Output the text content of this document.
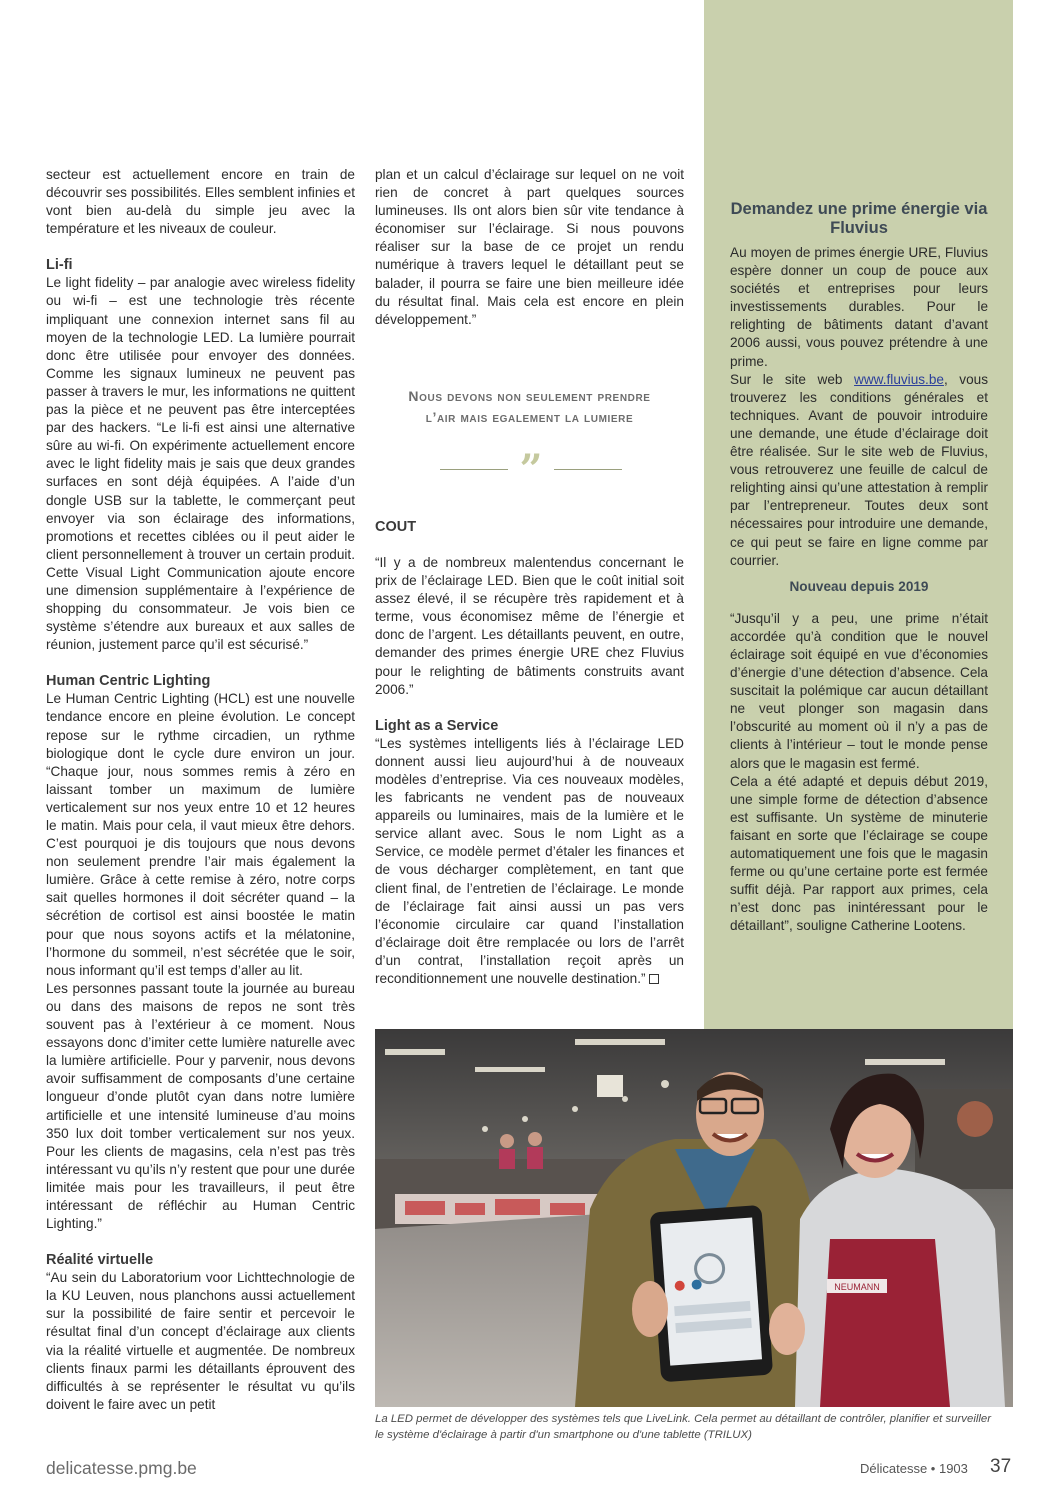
secteur est actuellement encore en train de découvrir ses possibilités. Elles semblent infinies et vont bien au-delà du simple jeu avec la température et les niveaux de couleur.

Li-fi

Le light fidelity – par analogie avec wireless fidelity ou wi-fi – est une technologie très récente impliquant une connexion internet sans fil au moyen de la technologie LED. La lumière pourrait donc être utilisée pour envoyer des données. Comme les signaux lumineux ne peuvent pas passer à travers le mur, les informations ne quittent pas la pièce et ne peuvent pas être interceptées par des hackers. “Le li-fi est ainsi une alternative sûre au wi-fi. On expérimente actuellement encore avec le light fidelity mais je sais que deux grandes surfaces en sont déjà équipées. A l’aide d’un dongle USB sur la tablette, le commerçant peut envoyer via son éclairage des informations, promotions et recettes ciblées ou il peut aider le client personnellement à trouver un certain produit. Cette Visual Light Communication ajoute encore une dimension supplémentaire à l’expérience de shopping du consommateur. Je vois bien ce système s’étendre aux bureaux et aux salles de réunion, justement parce qu’il est sécurisé.”

Human Centric Lighting

Le Human Centric Lighting (HCL) est une nouvelle tendance encore en pleine évolution. Le concept repose sur le rythme circadien, un rythme biologique dont le cycle dure environ un jour. “Chaque jour, nous sommes remis à zéro en laissant tomber un maximum de lumière verticalement sur nos yeux entre 10 et 12 heures le matin. Mais pour cela, il vaut mieux être dehors. C’est pourquoi je dis toujours que nous devons non seulement prendre l’air mais également la lumière. Grâce à cette remise à zéro, notre corps sait quelles hormones il doit sécréter quand – la sécrétion de cortisol est ainsi boostée le matin pour que nous soyons actifs et la mélatonine, l’hormone du sommeil, n’est sécrétée que le soir, nous informant qu’il est temps d’aller au lit.

Les personnes passant toute la journée au bureau ou dans des maisons de repos ne sont très souvent pas à l’extérieur à ce moment. Nous essayons donc d’imiter cette lumière naturelle avec la lumière artificielle. Pour y parvenir, nous devons avoir suffisamment de composants d’une certaine longueur d’onde plutôt cyan dans notre lumière artificielle et une intensité lumineuse d’au moins 350 lux doit tomber verticalement sur nos yeux. Pour les clients de magasins, cela n’est pas très intéressant vu qu’ils n’y restent que pour une durée limitée mais pour les travailleurs, il peut être intéressant de réfléchir au Human Centric Lighting.”

Réalité virtuelle

“Au sein du Laboratorium voor Lichttechnologie de la KU Leuven, nous planchons aussi actuellement sur la possibilité de faire sentir et percevoir le résultat final d’un concept d’éclairage aux clients via la réalité virtuelle et augmentée. De nombreux clients finaux parmi les détaillants éprouvent des difficultés à se représenter le résultat vu qu’ils doivent le faire avec un petit

plan et un calcul d’éclairage sur lequel on ne voit rien de concret à part quelques sources lumineuses. Ils ont alors bien sûr vite tendance à économiser sur l’éclairage. Si nous pouvons réaliser sur la base de ce projet un rendu numérique à travers lequel le détaillant peut se balader, il pourra se faire une bien meilleure idée du résultat final. Mais cela est encore en plein développement.”

Nous devons non seulement prendre
l’air mais egalement la lumiere
”
COUT

“Il y a de nombreux malentendus concernant le prix de l’éclairage LED. Bien que le coût initial soit assez élevé, il se récupère très rapidement et à terme, vous économisez même de l’énergie et donc de l’argent. Les détaillants peuvent, en outre, demander des primes énergie URE chez Fluvius pour le relighting de bâtiments construits avant 2006.”

Light as a Service

“Les systèmes intelligents liés à l’éclairage LED donnent aussi lieu aujourd’hui à de nouveaux modèles d’entreprise. Via ces nouveaux modèles, les fabricants ne vendent pas de nouveaux appareils ou luminaires, mais de la lumière et le service allant avec. Sous le nom Light as a Service, ce modèle permet d’étaler les finances et de vous décharger complètement, en tant que client final, de l’entretien de l’éclairage. Le monde de l’éclairage fait ainsi aussi un pas vers l’économie circulaire car quand l’installation d’éclairage doit être remplacée ou lors de l’arrêt d’un contrat, l’installation reçoit après un reconditionnement une nouvelle destination.”

Demandez une prime énergie via Fluvius

Au moyen de primes énergie URE, Fluvius espère donner un coup de pouce aux sociétés et entreprises pour leurs investissements durables. Pour le relighting de bâtiments datant d’avant 2006 aussi, vous pouvez prétendre à une prime.

Sur le site web www.fluvius.be, vous trouverez les conditions générales et techniques. Avant de pouvoir introduire une demande, une étude d’éclairage doit être réalisée. Sur le site web de Fluvius, vous retrouverez une feuille de calcul de relighting ainsi qu’une attestation à remplir par l’entrepreneur. Toutes deux sont nécessaires pour introduire une demande, ce qui peut se faire en ligne comme par courrier.

Nouveau depuis 2019

“Jusqu’il y a peu, une prime n’était accordée qu’à condition que le nouvel éclairage soit équipé en vue d’économies d’énergie d’une détection d’absence. Cela suscitait la polémique car aucun détaillant ne veut plonger son magasin dans l’obscurité au moment où il n’y a pas de clients à l’intérieur – tout le monde pense alors que le magasin est fermé.

Cela a été adapté et depuis début 2019, une simple forme de détection d’absence est suffisante. Un système de minuterie faisant en sorte que l’éclairage se coupe automatiquement une fois que le magasin ferme ou qu’une certaine porte est fermée suffit déjà. Par rapport aux primes, cela n’est donc pas inintéressant pour le détaillant”, souligne Catherine Lootens.

NEUMANN
La LED permet de développer des systèmes tels que LiveLink. Cela permet au détaillant de contrôler, planifier et surveiller le système d'éclairage à partir d'un smartphone ou d'une tablette (TRILUX)
delicatesse.pmg.be	Délicatesse • 1903 37
